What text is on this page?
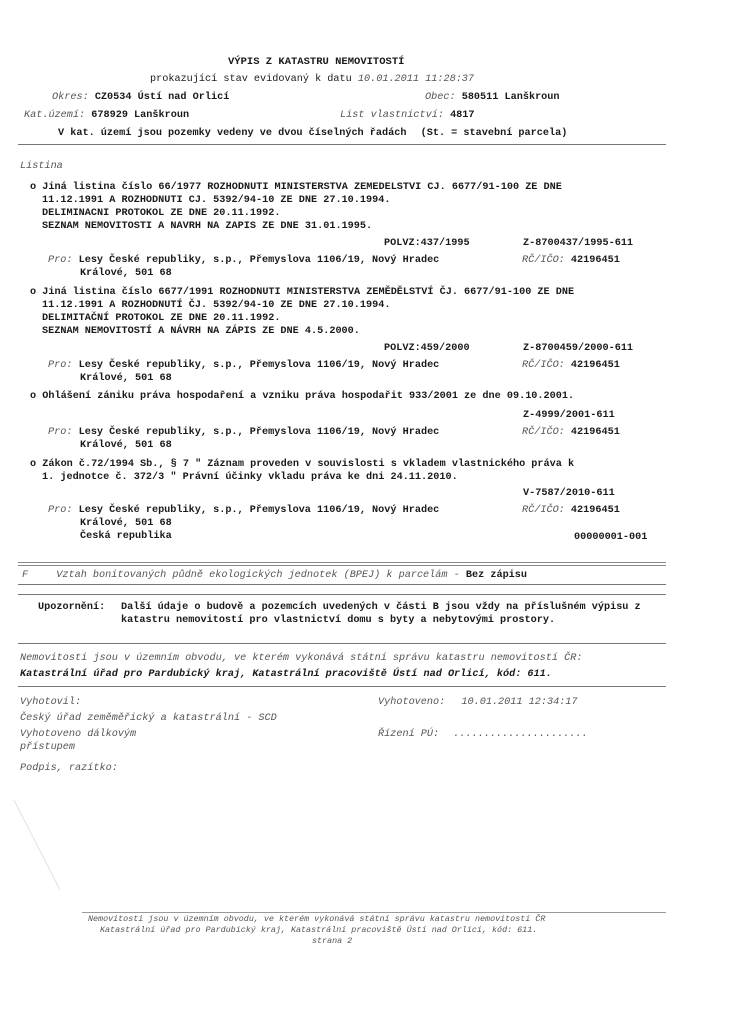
VÝPIS Z KATASTRU NEMOVITOSTÍ
prokazující stav evidovaný k datu 10.01.2011 11:28:37
Okres: CZ0534 Ústí nad Orlicí	Obec: 580511 Lanškroun
Kat.území: 678929 Lanškroun	List vlastnictví: 4817
V kat. území jsou pozemky vedeny ve dvou číselných řadách (St. = stavební parcela)
Listina
o Jiná listina číslo 66/1977 ROZHODNUTI MINISTERSTVA ZEMEDELSTVI CJ. 6677/91-100 ZE DNE
11.12.1991 A ROZHODNUTI CJ. 5392/94-10 ZE DNE 27.10.1994.
DELIMINACNI PROTOKOL ZE DNE 20.11.1992.
SEZNAM NEMOVITOSTI A NAVRH NA ZAPIS ZE DNE 31.01.1995.
POLVZ:437/1995	Z-8700437/1995-611
Pro: Lesy České republiky, s.p., Přemyslova 1106/19, Nový Hradec
Králové, 501 68
RČ/IČO: 42196451
o Jiná listina číslo 6677/1991 ROZHODNUTI MINISTERSTVA ZEMĚDĚLSTVÍ ČJ. 6677/91-100 ZE DNE
11.12.1991 A ROZHODNUTÍ ČJ. 5392/94-10 ZE DNE 27.10.1994.
DELIMITAČNÍ PROTOKOL ZE DNE 20.11.1992.
SEZNAM NEMOVITOSTÍ A NÁVRH NA ZÁPIS ZE DNE 4.5.2000.
POLVZ:459/2000	Z-8700459/2000-611
Pro: Lesy České republiky, s.p., Přemyslova 1106/19, Nový Hradec
Králové, 501 68
RČ/IČO: 42196451
o Ohlášení zániku práva hospodaření a vzniku práva hospodařit 933/2001 ze dne 09.10.2001.
Z-4999/2001-611
Pro: Lesy České republiky, s.p., Přemyslova 1106/19, Nový Hradec
Králové, 501 68
RČ/IČO: 42196451
o Zákon č.72/1994 Sb., § 7 " Záznam proveden v souvislosti s vkladem vlastnického práva k
1. jednotce č. 372/3 " Právní účinky vkladu práva ke dni 24.11.2010.
V-7587/2010-611
Pro: Lesy České republiky, s.p., Přemyslova 1106/19, Nový Hradec
Králové, 501 68
Česká republika
RČ/IČO: 42196451
00000001-001
F	Vztah bonitovaných půdně ekologických jednotek (BPEJ) k parcelám - Bez zápisu
Upozornění: Další údaje o budově a pozemcích uvedených v části B jsou vždy na příslušném výpisu z katastru nemovitostí pro vlastnictví domu s byty a nebytovými prostory.
Nemovitosti jsou v územním obvodu, ve kterém vykonává státní správu katastru nemovitostí ČR:
Katastrální úřad pro Pardubický kraj, Katastrální pracoviště Ústí nad Orlicí, kód: 611.
Vyhotovil:
Český úřad zeměměřický a katastrální - SCD
Vyhotoveno dálkovým
přístupem
Vyhotoveno: 10.01.2011 12:34:17
Řízení PÚ: ......................
Podpis, razítko:
Nemovitosti jsou v územním obvodu, ve kterém vykonává státní správu katastru nemovitostí ČR
Katastrální úřad pro Pardubický kraj, Katastrální pracoviště Ústí nad Orlicí, kód: 611.
strana 2
